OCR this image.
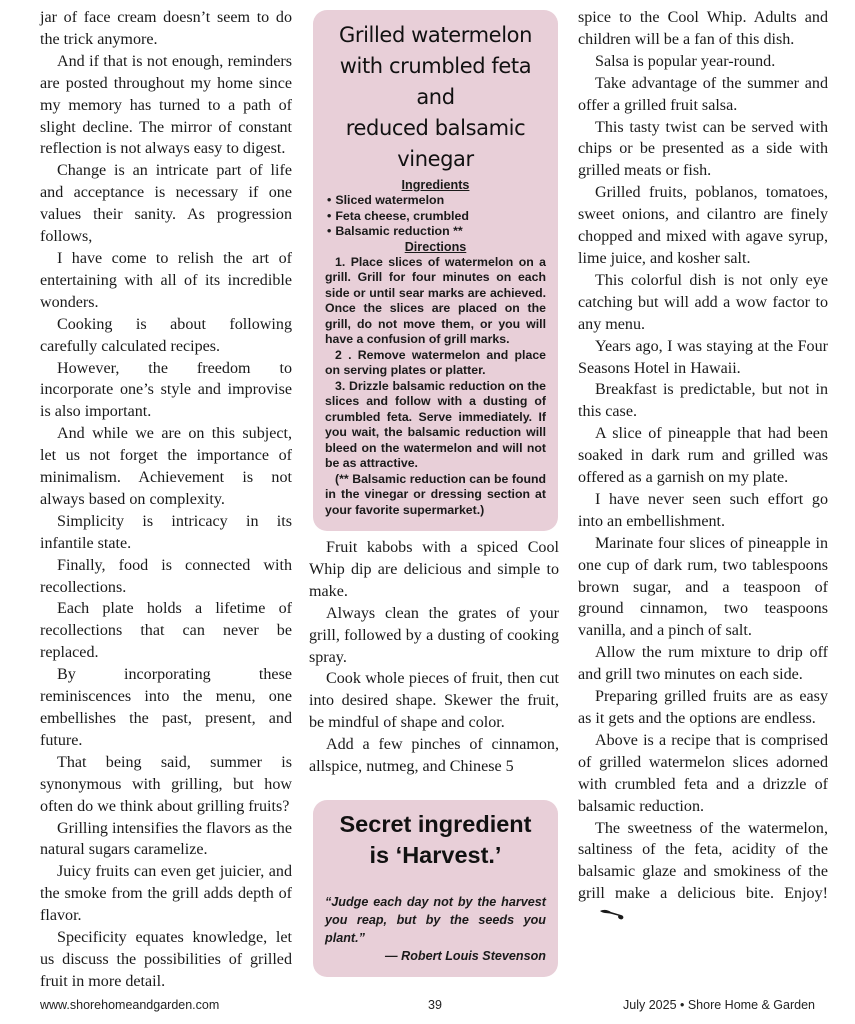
jar of face cream doesn’t seem to do the trick anymore.

And if that is not enough, reminders are posted throughout my home since my memory has turned to a path of slight decline. The mirror of constant reflection is not always easy to digest.

Change is an intricate part of life and acceptance is necessary if one values their sanity. As progression follows,

I have come to relish the art of entertaining with all of its incredible wonders.

Cooking is about following carefully calculated recipes.

However, the freedom to incorporate one’s style and improvise is also important.

And while we are on this subject, let us not forget the importance of minimalism. Achievement is not always based on complexity.

Simplicity is intricacy in its infantile state.

Finally, food is connected with recollections.

Each plate holds a lifetime of recollections that can never be replaced.

By incorporating these reminiscences into the menu, one embellishes the past, present, and future.

That being said, summer is synonymous with grilling, but how often do we think about grilling fruits?

Grilling intensifies the flavors as the natural sugars caramelize.

Juicy fruits can even get juicier, and the smoke from the grill adds depth of flavor.

Specificity equates knowledge, let us discuss the possibilities of grilled fruit in more detail.

Grilled watermelon
with crumbled feta and
reduced balsamic vinegar
Ingredients
• Sliced watermelon
• Feta cheese, crumbled
• Balsamic reduction **
Directions

1. Place slices of watermelon on a grill. Grill for four minutes on each side or until sear marks are achieved. Once the slices are placed on the grill, do not move them, or you will have a confusion of grill marks.

2 . Remove watermelon and place on serving plates or platter.

3. Drizzle balsamic reduction on the slices and follow with a dusting of crumbled feta. Serve immediately. If you wait, the balsamic reduction will bleed on the watermelon and will not be as attractive.

(** Balsamic reduction can be found in the vinegar or dressing section at your favorite supermarket.)

Fruit kabobs with a spiced Cool Whip dip are delicious and simple to make.

Always clean the grates of your grill, followed by a dusting of cooking spray.

Cook whole pieces of fruit, then cut into desired shape. Skewer the fruit, be mindful of shape and color.

Add a few pinches of cinnamon, allspice, nutmeg, and Chinese 5

Secret ingredient
is ‘Harvest.’

“Judge each day not by the harvest you reap, but by the seeds you plant.”

— Robert Louis Stevenson

spice to the Cool Whip. Adults and children will be a fan of this dish.

Salsa is popular year-round.

Take advantage of the summer and offer a grilled fruit salsa.

This tasty twist can be served with chips or be presented as a side with grilled meats or fish.

Grilled fruits, poblanos, tomatoes, sweet onions, and cilantro are finely chopped and mixed with agave syrup, lime juice, and kosher salt.

This colorful dish is not only eye catching but will add a wow factor to any menu.

Years ago, I was staying at the Four Seasons Hotel in Hawaii.

Breakfast is predictable, but not in this case.

A slice of pineapple that had been soaked in dark rum and grilled was offered as a garnish on my plate.

I have never seen such effort go into an embellishment.

Marinate four slices of pineapple in one cup of dark rum, two tablespoons brown sugar, and a teaspoon of ground cinnamon, two teaspoons vanilla, and a pinch of salt.

Allow the rum mixture to drip off and grill two minutes on each side.

Preparing grilled fruits are as easy as it gets and the options are endless.

Above is a recipe that is comprised of grilled watermelon slices adorned with crumbled feta and a drizzle of balsamic reduction.

The sweetness of the watermelon, saltiness of the feta, acidity of the balsamic glaze and smokiness of the grill make a delicious bite. Enjoy!

www.shorehomeandgarden.com	39	July 2025 • Shore Home & Garden
